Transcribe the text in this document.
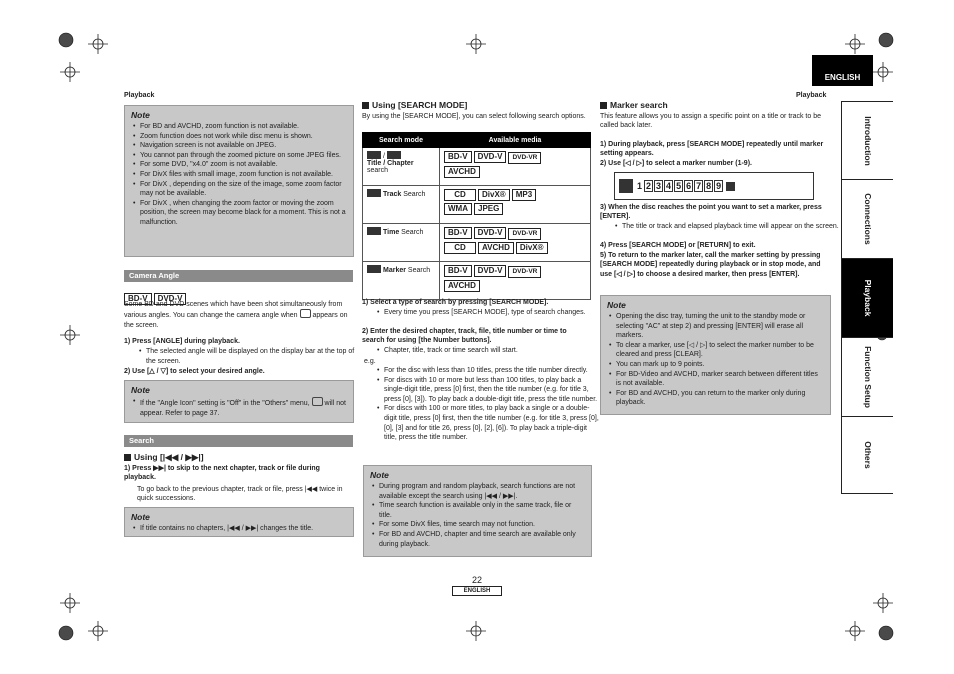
Playback	Playback
ENGLISH
Introduction
Connections
Playback
Function Setup
Others
Note
• For BD and AVCHD, zoom function is not available.
• Zoom function does not work while disc menu is shown.
• Navigation screen is not available on JPEG.
• You cannot pan through the zoomed picture on some JPEG files.
• For some DVD, "x4.0" zoom is not available.
• For DivX files with small image, zoom function is not available.
• For DivX , depending on the size of the image, some zoom factor may not be available.
• For DivX , when changing the zoom factor or moving the zoom position, the screen may become black for a moment. This is not a malfunction.
Camera Angle
BD-V DVD-V
Some BD and DVD scenes which have been shot simultaneously from various angles. You can change the camera angle when appears on the screen.
1) Press [ANGLE] during playback.
• The selected angle will be displayed on the display bar at the top of the screen.
2) Use [△ / ▽] to select your desired angle.
Note
• If the "Angle Icon" setting is "Off" in the "Others" menu, will not appear. Refer to page 37.
Search
Using [|◀◀ / ▶▶|]
1) Press ▶▶| to skip to the next chapter, track or file during playback.
To go back to the previous chapter, track or file, press |◀◀ twice in quick successions.
Note
• If title contains no chapters, |◀◀ / ▶▶| changes the title.
Using [SEARCH MODE]
By using the [SEARCH MODE], you can select following search options.
Search mode	Available media
/
Title / Chapter search	BD-V DVD-V DVD-VR
AVCHD
Track Search	CD DivX® MP3
WMA JPEG
Time Search	BD-V DVD-V DVD-VR
CD AVCHD DivX®
Marker Search	BD-V DVD-V DVD-VR
AVCHD
1) Select a type of search by pressing [SEARCH MODE].
• Every time you press [SEARCH MODE], type of search changes.
2) Enter the desired chapter, track, file, title number or time to search for using [the Number buttons].
• Chapter, title, track or time search will start.
e.g.
• For the disc with less than 10 titles, press the title number directly.
• For discs with 10 or more but less than 100 titles, to play back a single-digit title, press [0] first, then the title number (e.g. for title 3, press [0], [3]). To play back a double-digit title, press the title number.
• For discs with 100 or more titles, to play back a single or a double-digit title, press [0] first, then the title number (e.g. for title 3, press [0], [0], [3] and for title 26, press [0], [2], [6]). To play back a triple-digit title, press the title number.
Note
• During program and random playback, search functions are not available except the search using |◀◀ / ▶▶|.
• Time search function is available only in the same track, file or title.
• For some DivX files, time search may not function.
• For BD and AVCHD, chapter and time search are available only during playback.
Marker search
This feature allows you to assign a specific point on a title or track to be called back later.
1) During playback, press [SEARCH MODE] repeatedly until marker setting appears.
2) Use [◁ / ▷] to select a marker number (1-9).
1 2 3 4 5 6 7 8 9
3) When the disc reaches the point you want to set a marker, press [ENTER].
• The title or track and elapsed playback time will appear on the screen.
4) Press [SEARCH MODE] or [RETURN] to exit.
5) To return to the marker later, call the marker setting by pressing [SEARCH MODE] repeatedly during playback or in stop mode, and use [◁ / ▷] to choose a desired marker, then press [ENTER].
Note
• Opening the disc tray, turning the unit to the standby mode or selecting "AC" at step 2) and pressing [ENTER] will erase all markers.
• To clear a marker, use [◁ / ▷] to select the marker number to be cleared and press [CLEAR].
• You can mark up to 9 points.
• For BD-Video and AVCHD, marker search between different titles is not available.
• For BD and AVCHD, you can return to the marker only during playback.
22
ENGLISH
